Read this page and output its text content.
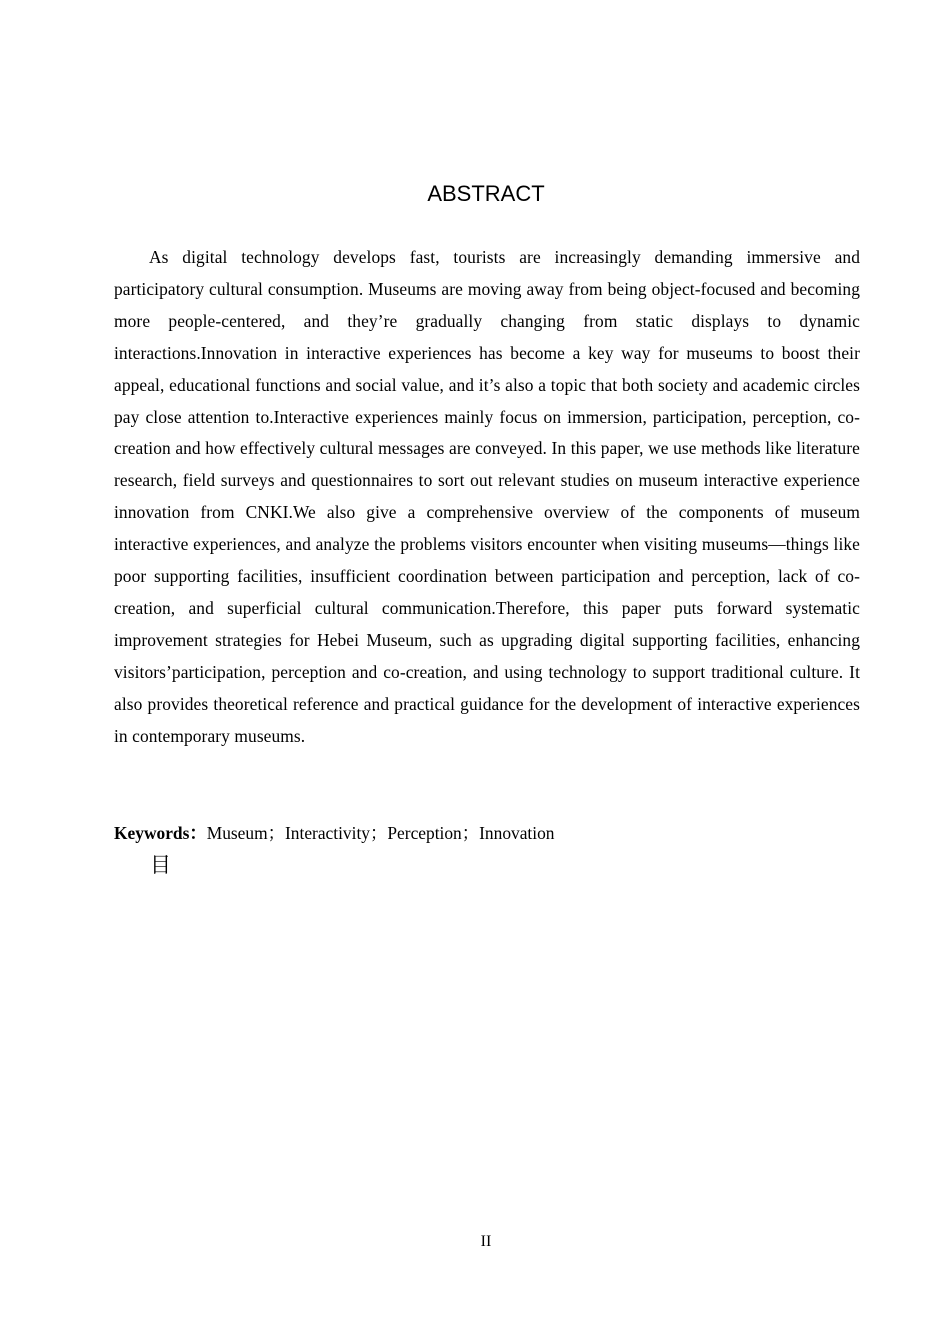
ABSTRACT

As digital technology develops fast, tourists are increasingly demanding immersive and participatory cultural consumption. Museums are moving away from being object-focused and becoming more people-centered, and they’re gradually changing from static displays to dynamic interactions.Innovation in interactive experiences has become a key way for museums to boost their appeal, educational functions and social value, and it’s also a topic that both society and academic circles pay close attention to.Interactive experiences mainly focus on immersion, participation, perception, co-creation and how effectively cultural messages are conveyed. In this paper, we use methods like literature research, field surveys and questionnaires to sort out relevant studies on museum interactive experience innovation from CNKI.We also give a comprehensive overview of the components of museum interactive experiences, and analyze the problems visitors encounter when visiting museums—things like poor supporting facilities, insufficient coordination between participation and perception, lack of co-creation, and superficial cultural communication.Therefore, this paper puts forward systematic improvement strategies for Hebei Museum, such as upgrading digital supporting facilities, enhancing visitors’participation, perception and co-creation, and using technology to support traditional culture. It also provides theoretical reference and practical guidance for the development of interactive experiences in contemporary museums.

Keywords：Museum；Interactivity；Perception；Innovation

目
II
